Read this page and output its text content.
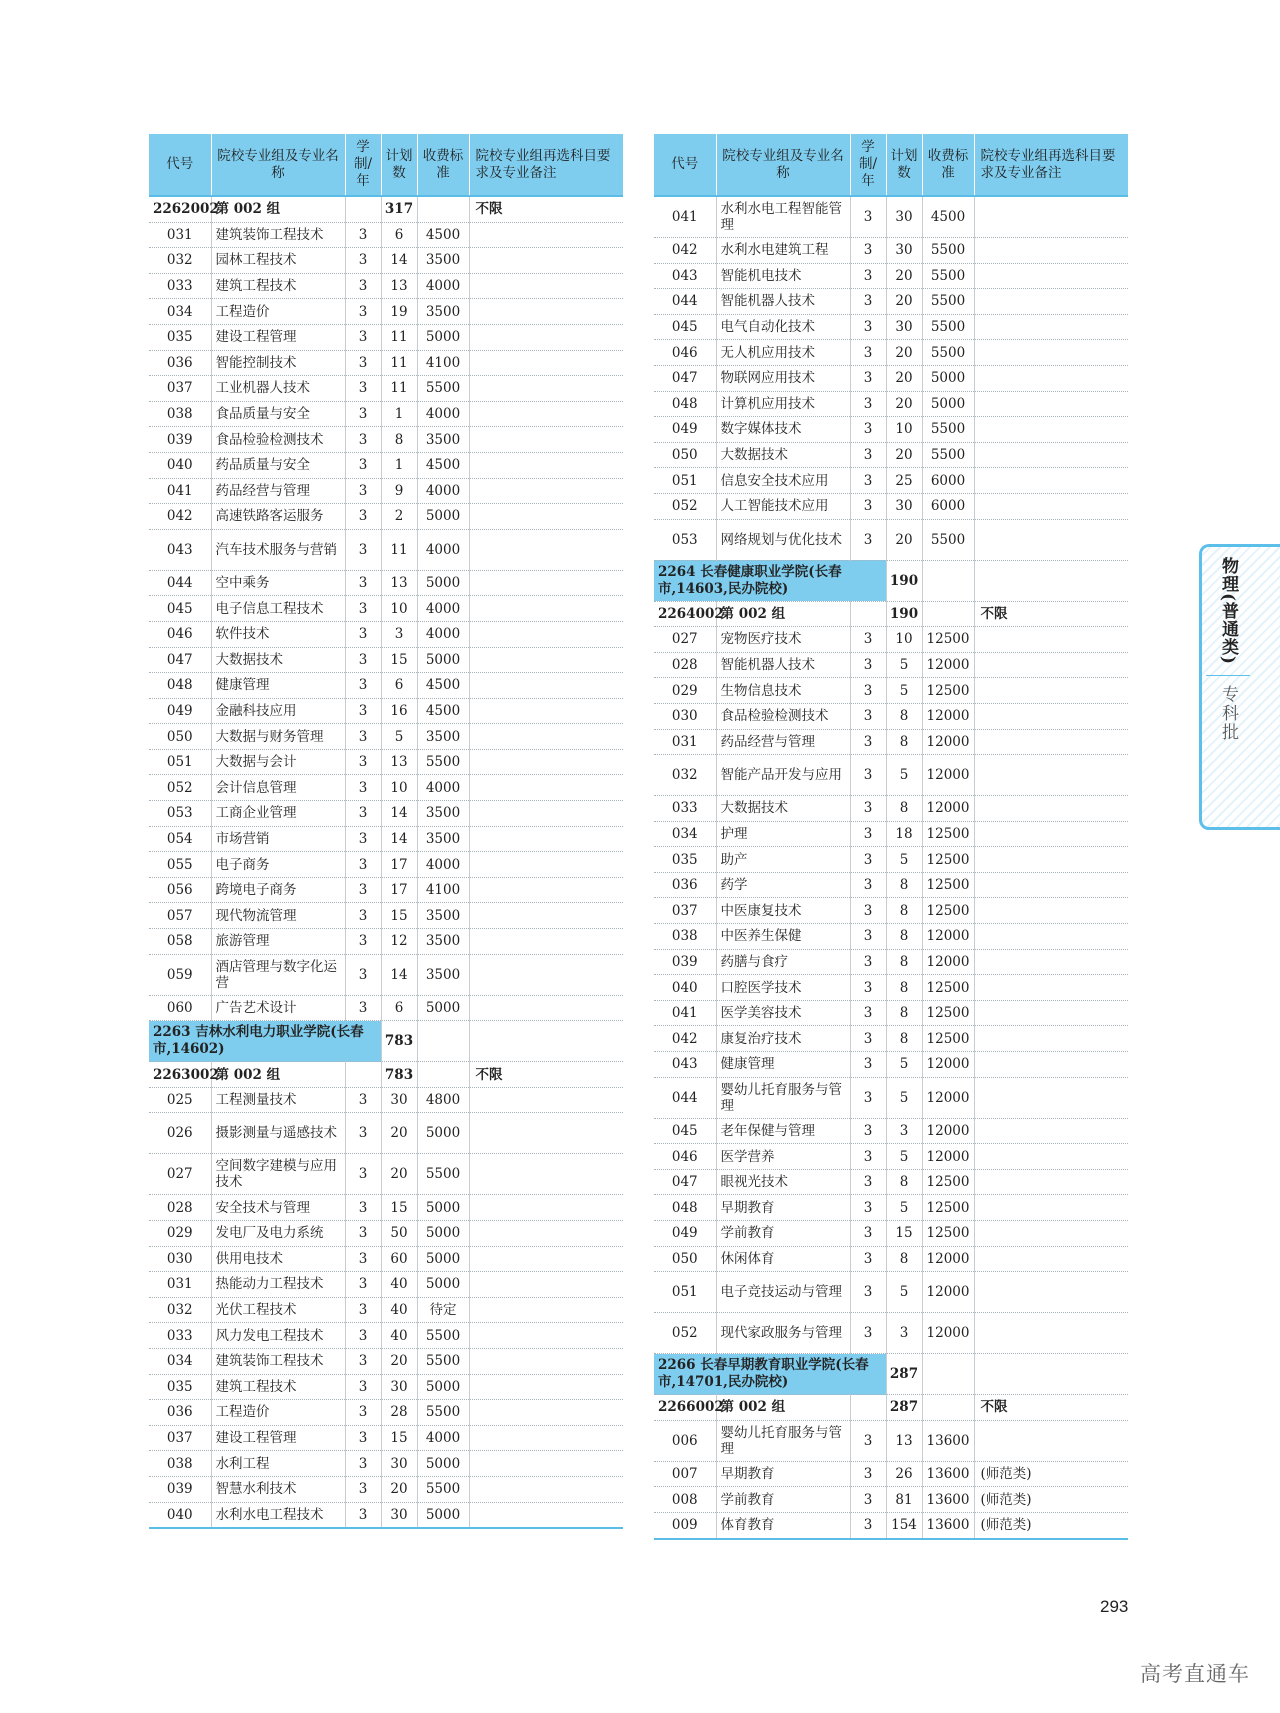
代号	院校专业组及专业名称	学制/年	计划数	收费标准	院校专业组再选科目要求及专业备注
2262002	第 002 组		317		不限
031	建筑装饰工程技术	3	6	4500	
032	园林工程技术	3	14	3500	
033	建筑工程技术	3	13	4000	
034	工程造价	3	19	3500	
035	建设工程管理	3	11	5000	
036	智能控制技术	3	11	4100	
037	工业机器人技术	3	11	5500	
038	食品质量与安全	3	1	4000	
039	食品检验检测技术	3	8	3500	
040	药品质量与安全	3	1	4500	
041	药品经营与管理	3	9	4000	
042	高速铁路客运服务	3	2	5000	
043	汽车技术服务与营销	3	11	4000	
044	空中乘务	3	13	5000	
045	电子信息工程技术	3	10	4000	
046	软件技术	3	3	4000	
047	大数据技术	3	15	5000	
048	健康管理	3	6	4500	
049	金融科技应用	3	16	4500	
050	大数据与财务管理	3	5	3500	
051	大数据与会计	3	13	5500	
052	会计信息管理	3	10	4000	
053	工商企业管理	3	14	3500	
054	市场营销	3	14	3500	
055	电子商务	3	17	4000	
056	跨境电子商务	3	17	4100	
057	现代物流管理	3	15	3500	
058	旅游管理	3	12	3500	
059	酒店管理与数字化运营	3	14	3500	
060	广告艺术设计	3	6	5000	
2263 吉林水利电力职业学院(长春市,14602)			783		
2263002	第 002 组		783		不限
025	工程测量技术	3	30	4800	
026	摄影测量与遥感技术	3	20	5000	
027	空间数字建模与应用技术	3	20	5500	
028	安全技术与管理	3	15	5000	
029	发电厂及电力系统	3	50	5000	
030	供用电技术	3	60	5000	
031	热能动力工程技术	3	40	5000	
032	光伏工程技术	3	40	待定	
033	风力发电工程技术	3	40	5500	
034	建筑装饰工程技术	3	20	5500	
035	建筑工程技术	3	30	5000	
036	工程造价	3	28	5500	
037	建设工程管理	3	15	4000	
038	水利工程	3	30	5000	
039	智慧水利技术	3	20	5500	
040	水利水电工程技术	3	30	5000	
代号	院校专业组及专业名称	学制/年	计划数	收费标准	院校专业组再选科目要求及专业备注
041	水利水电工程智能管理	3	30	4500	
042	水利水电建筑工程	3	30	5500	
043	智能机电技术	3	20	5500	
044	智能机器人技术	3	20	5500	
045	电气自动化技术	3	30	5500	
046	无人机应用技术	3	20	5500	
047	物联网应用技术	3	20	5000	
048	计算机应用技术	3	20	5000	
049	数字媒体技术	3	10	5500	
050	大数据技术	3	20	5500	
051	信息安全技术应用	3	25	6000	
052	人工智能技术应用	3	30	6000	
053	网络规划与优化技术	3	20	5500	
2264 长春健康职业学院(长春市,14603,民办院校)			190		
2264002	第 002 组		190		不限
027	宠物医疗技术	3	10	12500	
028	智能机器人技术	3	5	12000	
029	生物信息技术	3	5	12500	
030	食品检验检测技术	3	8	12000	
031	药品经营与管理	3	8	12000	
032	智能产品开发与应用	3	5	12000	
033	大数据技术	3	8	12000	
034	护理	3	18	12500	
035	助产	3	5	12500	
036	药学	3	8	12500	
037	中医康复技术	3	8	12500	
038	中医养生保健	3	8	12000	
039	药膳与食疗	3	8	12000	
040	口腔医学技术	3	8	12500	
041	医学美容技术	3	8	12500	
042	康复治疗技术	3	8	12500	
043	健康管理	3	5	12000	
044	婴幼儿托育服务与管理	3	5	12000	
045	老年保健与管理	3	3	12000	
046	医学营养	3	5	12000	
047	眼视光技术	3	8	12500	
048	早期教育	3	5	12500	
049	学前教育	3	15	12500	
050	休闲体育	3	8	12000	
051	电子竞技运动与管理	3	5	12000	
052	现代家政服务与管理	3	3	12000	
2266 长春早期教育职业学院(长春市,14701,民办院校)			287		
2266002	第 002 组		287		不限
006	婴幼儿托育服务与管理	3	13	13600	
007	早期教育	3	26	13600	(师范类)
008	学前教育	3	81	13600	(师范类)
009	体育教育	3	154	13600	(师范类)
物理(普通类)
专科批
293
高考直通车
